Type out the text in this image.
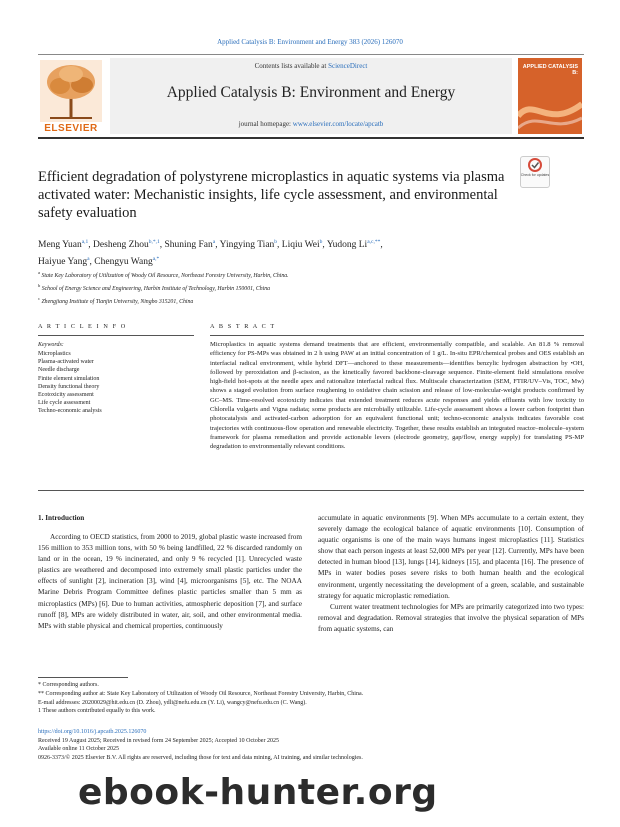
Applied Catalysis B: Environment and Energy 383 (2026) 126070
ELSEVIER
Contents lists available at ScienceDirect
Applied Catalysis B: Environment and Energy
journal homepage: www.elsevier.com/locate/apcatb
APPLIED CATALYSIS B:
Efficient degradation of polystyrene microplastics in aquatic systems via plasma activated water: Mechanistic insights, life cycle assessment, and environmental safety evaluation
Check for updates
Meng Yuan$^{a,1}$, Desheng Zhou$^{b,*,1}$, Shuning Fan$^a$, Yingying Tian$^b$, Liqiu Wei$^b$, Yudong $Li^{a,c,**}$,
Haiyue Yang$^a$, Chengyu Wang$^{a,*}$
$^a$ State Key Laboratory of Utilization of Woody Oil Resource, Northeast Forestry University, Harbin, China.
$^b$ School of Energy Science and Engineering, Harbin Institute of Technology, Harbin 150001, China
$^c$ Zhengjiang Institute of Tianjin University, Ningbo 315201, China
A R T I C L E I N F O	A B S T R A C T
Keywords:
Microplastics
Plasma-activated water
Needle discharge
Finite element simulation
Density functional theory
Ecotoxicity assessment
Life cycle assessment
Techno-economic analysis
Microplastics in aquatic systems demand treatments that are efficient, environmentally compatible, and scalable. An 81.8 % removal efficiency for PS-MPs was obtained in 2 h using PAW at an initial concentration of 1 g/L. In-situ EPR/chemical probes and OES establish an interfacial radical environment, while hybrid DFT—anchored to these measurements—identifies benzylic hydrogen abstraction by •OH, followed by peroxidation and β-scission, as the kinetically favored backbone-cleavage sequence. Finite-element field simulations resolve high-field hot-spots at the needle apex and rationalize interfacial radical flux. Multiscale characterization (SEM, FTIR/UV–Vis, TOC, Mw) shows a staged evolution from surface roughening to oxidative chain scission and release of low-molecular-weight products confirmed by GC–MS. Time-resolved ecotoxicity indicates that extended treatment reduces acute responses and yields effluents with low toxicity to Chlorella vulgaris and Vigna radiata; some products are microbially utilizable. Life-cycle assessment shows a lower carbon footprint than photocatalysis and activated-carbon adsorption for an equivalent functional unit; techno-economic analysis indicates favorable cost trajectories with continuous-flow operation and renewable electricity. Together, these results establish an integrated reactor–molecule–system framework for plasma remediation and provide actionable levers (electrode geometry, gap/flow, energy supply) for translating PS-MP degradation to environmentally relevant conditions.
1. Introduction
According to OECD statistics, from 2000 to 2019, global plastic waste increased from 156 million to 353 million tons, with 50 % being landfilled, 22 % discarded randomly on land or in the ocean, 19 % incinerated, and only 9 % recycled [1]. Unrecycled waste plastics are weathered and decomposed into extremely small plastic particles under the effects of sunlight [2], incineration [3], wind [4], microorganisms [5], etc. The NOAA Marine Debris Program Committee defines plastic particles smaller than 5 mm as microplastics (MPs) [6]. Due to human activities, atmospheric deposition [7], and surface runoff [8], MPs are widely distributed in water, air, soil, and other environmental media. MPs with stable physical and chemical properties, continuously

accumulate in aquatic environments [9]. When MPs accumulate to a certain extent, they severely damage the ecological balance of aquatic environments [10]. Consumption of aquatic organisms is one of the main ways humans ingest microplastics [11]. Statistics show that each person ingests at least 52,000 MPs per year [12]. Currently, MPs have been detected in human blood [13], lungs [14], kidneys [15], and placenta [16]. The presence of MPs in water bodies poses severe risks to both human health and the ecological environment, urgently necessitating the development of a green, scalable, and sustainable strategy for aquatic microplastic remediation.

Current water treatment technologies for MPs are primarily categorized into two types: removal and degradation. Removal strategies that involve the physical separation of MPs from aquatic systems, can

* Corresponding authors.
** Corresponding author at: State Key Laboratory of Utilization of Woody Oil Resource, Northeast Forestry University, Harbin, China.
E-mail addresses: 20200029@hit.edu.cn (D. Zhou), ydli@nefu.edu.cn (Y. Li), wangcy@nefu.edu.cn (C. Wang).
1 These authors contributed equally to this work.
https://doi.org/10.1016/j.apcatb.2025.126070
Received 19 August 2025; Received in revised form 24 September 2025; Accepted 10 October 2025
Available online 11 October 2025
0926-3373/© 2025 Elsevier B.V. All rights are reserved, including those for text and data mining, AI training, and similar technologies.
ebook-hunter.org
